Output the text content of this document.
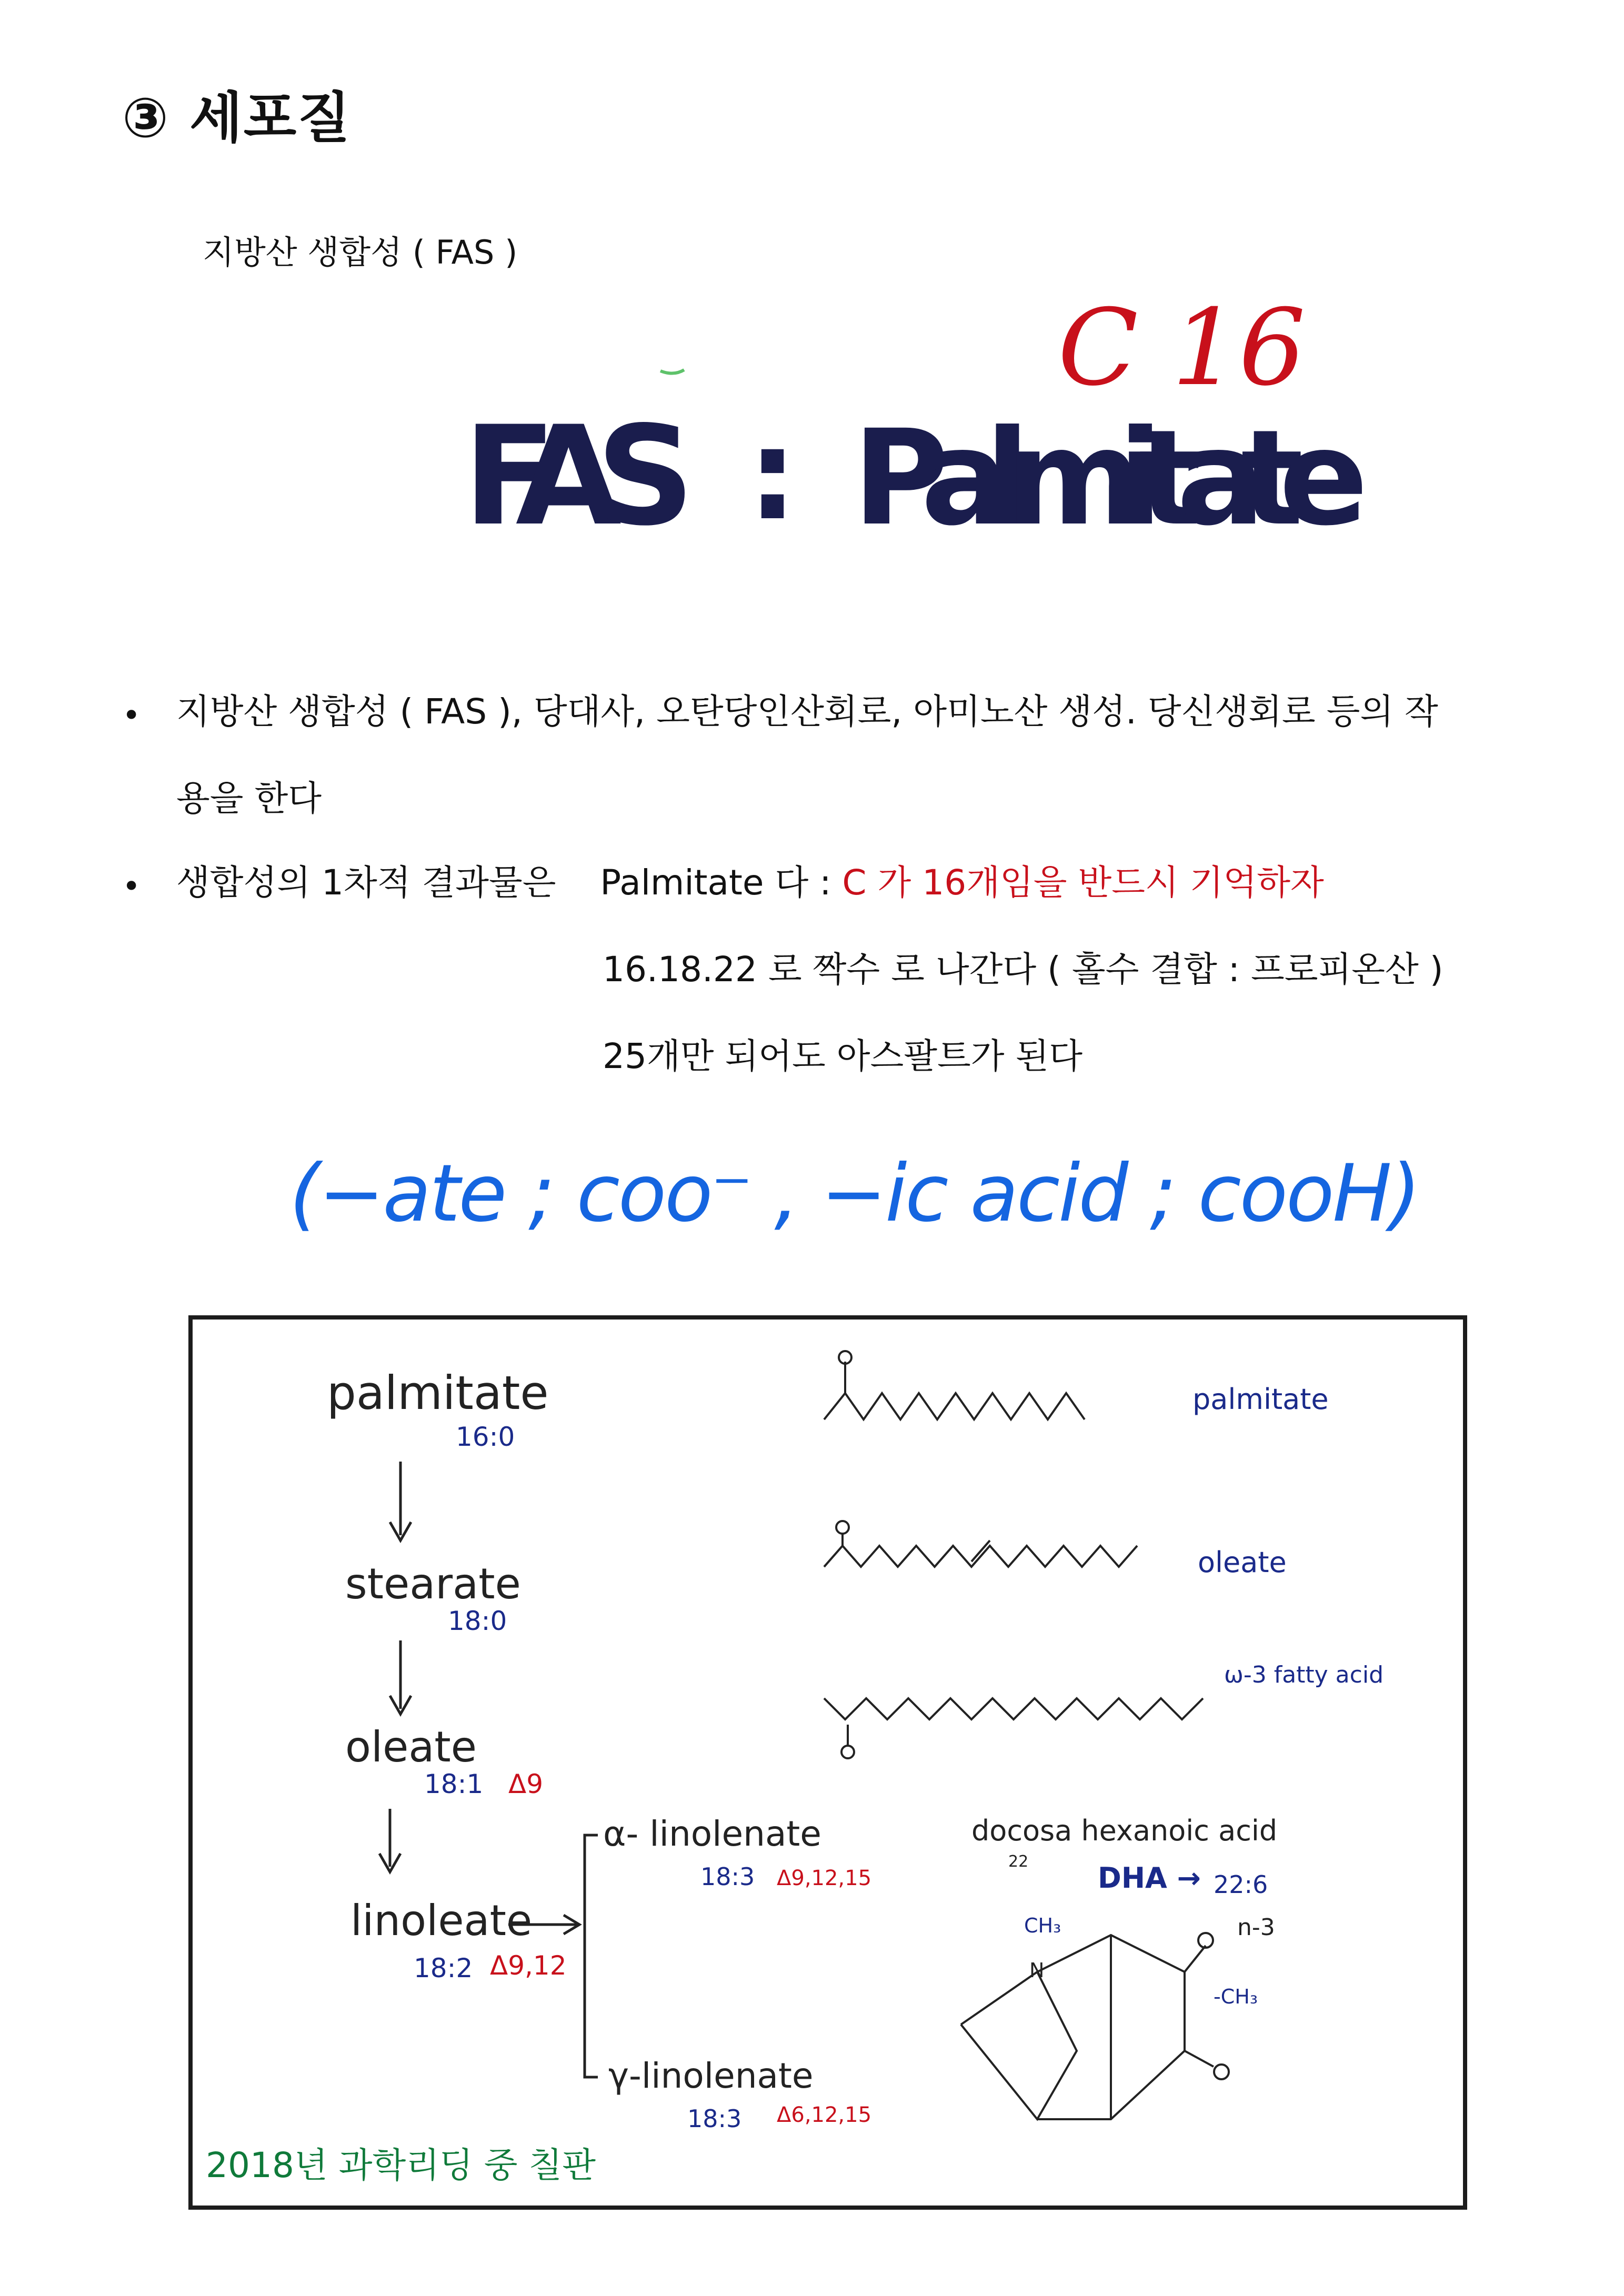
③ 세포질
지방산 생합성 ( FAS )
C 16
FAS : Palmitate
• 지방산 생합성 ( FAS ), 당대사, 오탄당인산회로, 아미노산 생성. 당신생회로 등의 작
용을 한다
• 생합성의 1차적 결과물은    Palmitate 다 : C 가 16개임을 반드시 기억하자
16.18.22 로 짝수 로 나간다 ( 홀수 결합 : 프로피온산 )
25개만 되어도 아스팔트가 된다
(−ate ; coo⁻ , −ic acid ; cooH)
palmitate
16:0
stearate
18:0
oleate
18:1 Δ9
linoleate
18:2 Δ9,12
α- linolenate
18:3 Δ9,12,15
γ-linolenate
18:3 Δ6,12,15
palmitate
oleate
ω-3 fatty acid
docosa hexanoic acid
22 DHA → 22:6
n-3
CH₃
-CH₃
N
2018년 과학리딩 중 칠판
